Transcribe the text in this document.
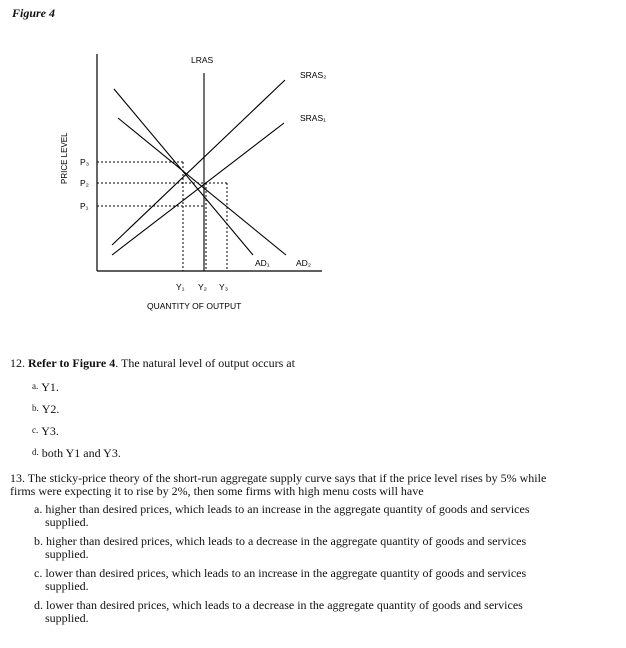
Figure 4
LRAS
SRAS₂
SRAS₁
AD₁	AD₂
P₃
P₂
P₁
Y₁ Y₂ Y₃
QUANTITY OF OUTPUT
PRICE LEVEL
12. Refer to Figure 4. The natural level of output occurs at
a. Y1.
b. Y2.
c. Y3.
d. both Y1 and Y3.
13. The sticky-price theory of the short-run aggregate supply curve says that if the price level rises by 5% while
firms were expecting it to rise by 2%, then some firms with high menu costs will have
a. higher than desired prices, which leads to an increase in the aggregate quantity of goods and services
supplied.
b. higher than desired prices, which leads to a decrease in the aggregate quantity of goods and services
supplied.
c. lower than desired prices, which leads to an increase in the aggregate quantity of goods and services
supplied.
d. lower than desired prices, which leads to a decrease in the aggregate quantity of goods and services
supplied.
